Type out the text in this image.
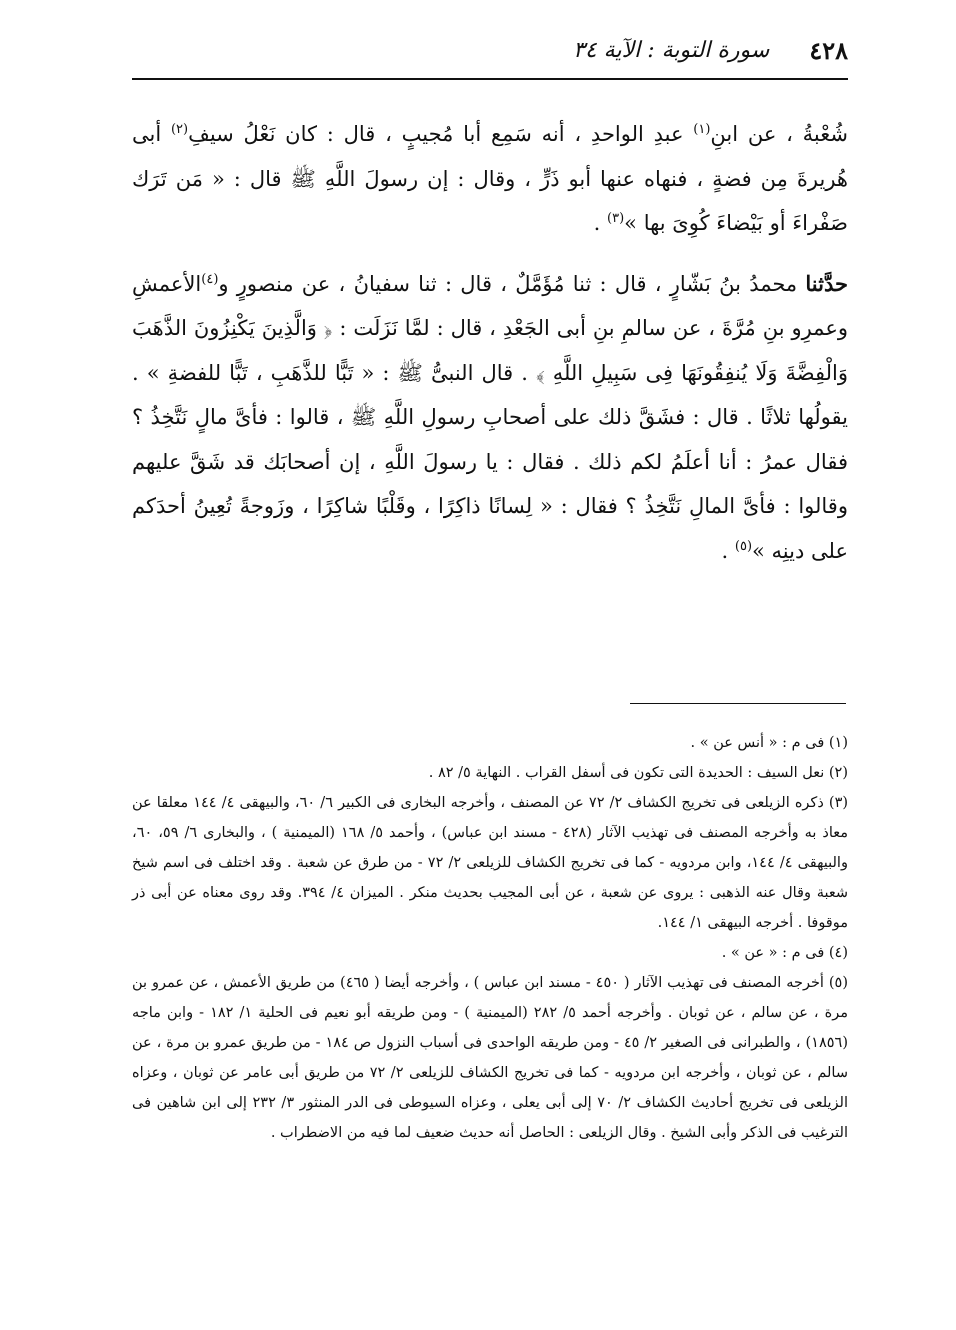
٤٢٨
سورة التوبة : الآية ٣٤

شُعْبةُ ، عن ابنِ$^{(١)}$ عبدِ الواحدِ ، أنه سَمِع أبا مُجيبٍ ، قال : كان نَعْلُ سيفِ$^{(٢)}$ أبى هُريرةَ مِن فضةٍ ، فنهاه عنها أبو ذَرٍّ ، وقال : إن رسولَ اللَّهِ ﷺ قال : « مَن تَرَك صَفْراءَ أو بَيْضاءَ كُوِىَ بها »$^{(٣)}$ .

حدَّثنا محمدُ بنُ بَشّارٍ ، قال : ثنا مُؤَمَّلٌ ، قال : ثنا سفيانُ ، عن منصورٍ و$^{(٤)}$الأعمشِ وعمرِو بنِ مُرَّةَ ، عن سالمِ بنِ أبى الجَعْدِ ، قال : لمَّا نَزَلَت : ﴿ وَالَّذِينَ يَكْنِزُونَ الذَّهَبَ وَالْفِضَّةَ وَلَا يُنفِقُونَهَا فِى سَبِيلِ اللَّهِ ﴾ . قال النبىُّ ﷺ : « تَبًّا للذَّهَبِ ، تَبًّا للفضةِ » . يقولُها ثلاثًا . قال : فشَقَّ ذلك على أصحابِ رسولِ اللَّهِ ﷺ ، قالوا : فأىَّ مالٍ نَتَّخِذُ ؟ فقال عمرُ : أنا أعلَمُ لكم ذلك . فقال : يا رسولَ اللَّهِ ، إن أصحابَك قد شَقَّ عليهم وقالوا : فأىَّ المالِ نَتَّخِذُ ؟ فقال : « لِسانًا ذاكِرًا ، وقَلْبًا شاكِرًا ، وزَوجةً تُعِينُ أحدَكم على دينِه »$^{(٥)}$ .

(١) فى م : « أنس عن » .

(٢) نعل السيف : الحديدة التى تكون فى أسفل القراب . النهاية ٥/ ٨٢ .

(٣) ذكره الزيلعى فى تخريج الكشاف ٢/ ٧٢ عن المصنف ، وأخرجه البخارى فى الكبير ٦/ ٦٠، والبيهقى ٤/ ١٤٤ معلقا عن معاذ به وأخرجه المصنف فى تهذيب الآثار (٤٢٨ - مسند ابن عباس) ، وأحمد ٥/ ١٦٨ (الميمنية ) ، والبخارى ٦/ ٥٩، ٦٠، والبيهقى ٤/ ١٤٤، وابن مردويه - كما فى تخريج الكشاف للزيلعى ٢/ ٧٢ - من طرق عن شعبة . وقد اختلف فى اسم شيخ شعبة وقال عنه الذهبى : يروى عن شعبة ، عن أبى المجيب بحديث منكر . الميزان ٤/ ٣٩٤. وقد روى معناه عن أبى ذر موقوفا . أخرجه البيهقى ١/ ١٤٤.

(٤) فى م : « عن » .

(٥) أخرجه المصنف فى تهذيب الآثار ( ٤٥٠ - مسند ابن عباس ) ، وأخرجه أيضا ( ٤٦٥) من طريق الأعمش ، عن عمرو بن مرة ، عن سالم ، عن ثوبان . وأخرجه أحمد ٥/ ٢٨٢ (الميمنية ) - ومن طريقه أبو نعيم فى الحلية ١/ ١٨٢ - وابن ماجه (١٨٥٦) ، والطبرانى فى الصغير ٢/ ٤٥ - ومن طريقه الواحدى فى أسباب النزول ص ١٨٤ - من طريق عمرو بن مرة ، عن سالم ، عن ثوبان ، وأخرجه ابن مردويه - كما فى تخريج الكشاف للزيلعى ٢/ ٧٢ من طريق أبى عامر عن ثوبان ، وعزاه الزيلعى فى تخريج أحاديث الكشاف ٢/ ٧٠ إلى أبى يعلى ، وعزاه السيوطى فى الدر المنثور ٣/ ٢٣٢ إلى ابن شاهين فى الترغيب فى الذكر وأبى الشيخ . وقال الزيلعى : الحاصل أنه حديث ضعيف لما فيه من الاضطراب .
